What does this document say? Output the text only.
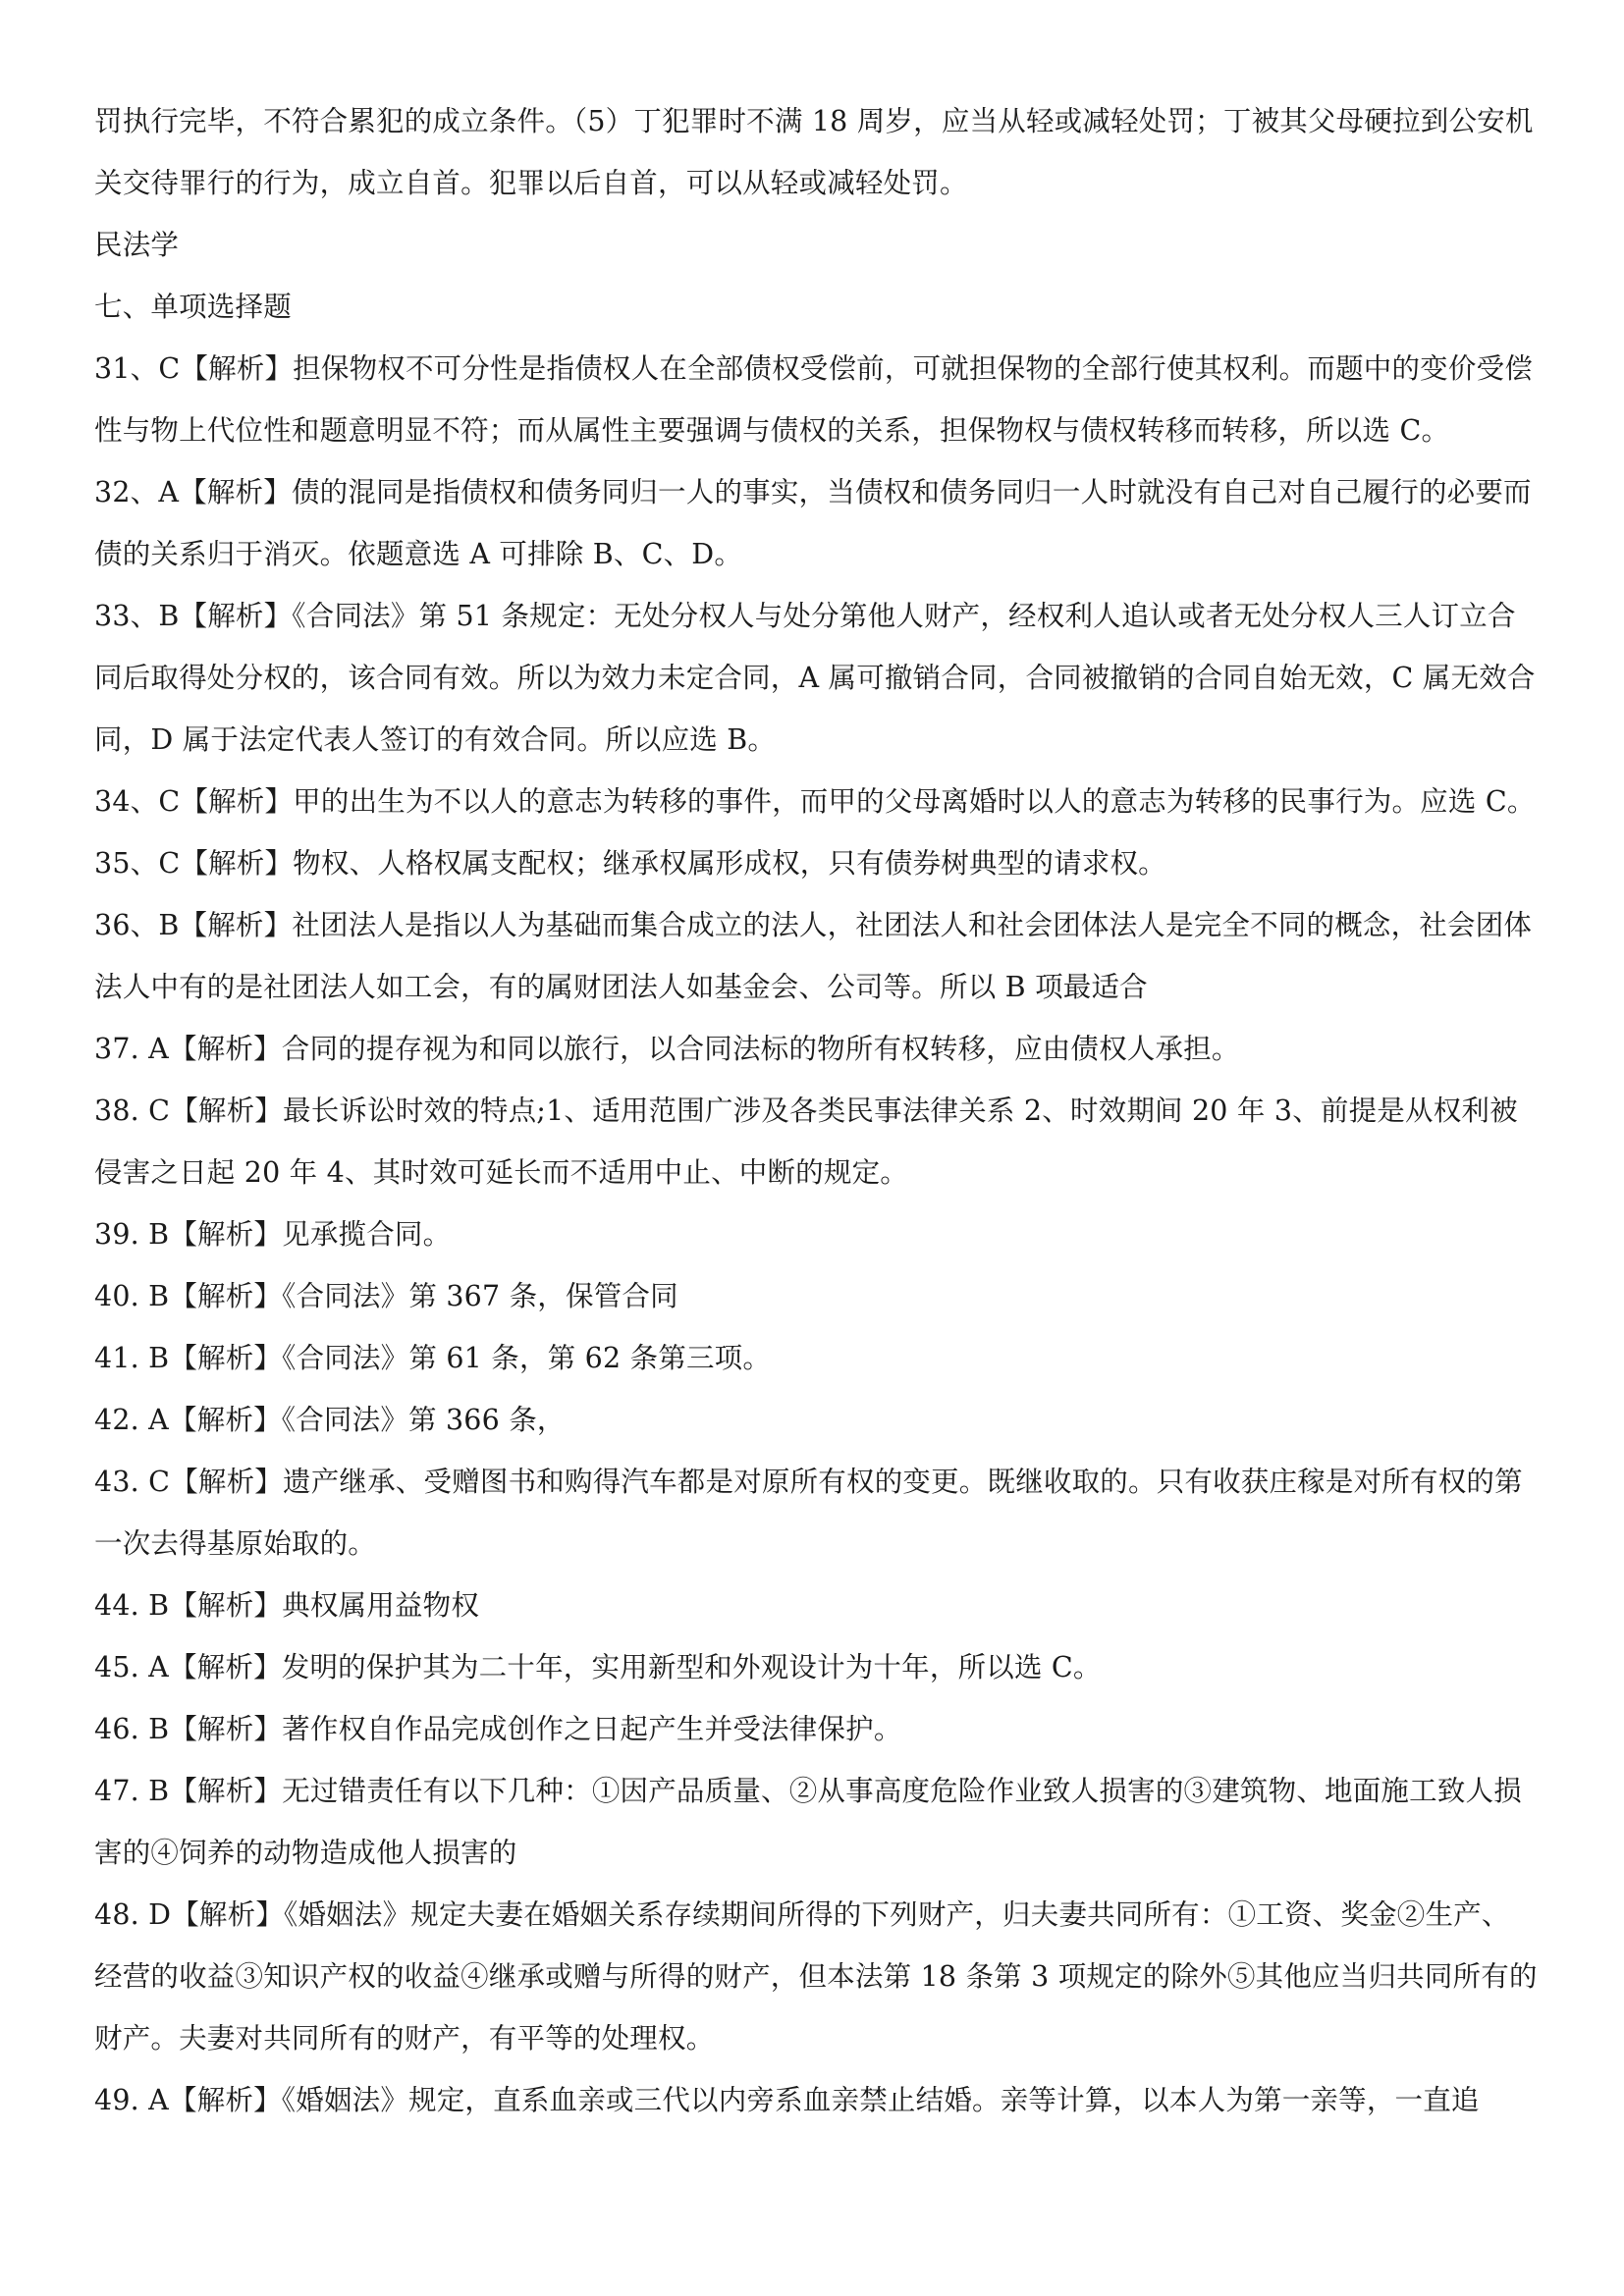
罚执行完毕，不符合累犯的成立条件。（5）丁犯罪时不满 18 周岁，应当从轻或减轻处罚；丁被其父母硬拉到公安机关交待罪行的行为，成立自首。犯罪以后自首，可以从轻或减轻处罚。

民法学

七、单项选择题

31、C【解析】担保物权不可分性是指债权人在全部债权受偿前，可就担保物的全部行使其权利。而题中的变价受偿性与物上代位性和题意明显不符；而从属性主要强调与债权的关系，担保物权与债权转移而转移，所以选 C。

32、A【解析】债的混同是指债权和债务同归一人的事实，当债权和债务同归一人时就没有自己对自己履行的必要而债的关系归于消灭。依题意选 A 可排除 B、C、D。

33、B【解析】《合同法》第 51 条规定：无处分权人与处分第他人财产，经权利人追认或者无处分权人三人订立合同后取得处分权的，该合同有效。所以为效力未定合同，A 属可撤销合同，合同被撤销的合同自始无效，C 属无效合同，D 属于法定代表人签订的有效合同。所以应选 B。

34、C【解析】甲的出生为不以人的意志为转移的事件，而甲的父母离婚时以人的意志为转移的民事行为。应选 C。

35、C【解析】物权、人格权属支配权；继承权属形成权，只有债券树典型的请求权。

36、B【解析】社团法人是指以人为基础而集合成立的法人，社团法人和社会团体法人是完全不同的概念，社会团体法人中有的是社团法人如工会，有的属财团法人如基金会、公司等。所以 B 项最适合

37. A【解析】合同的提存视为和同以旅行，以合同法标的物所有权转移，应由债权人承担。

38. C【解析】最长诉讼时效的特点;1、适用范围广涉及各类民事法律关系 2、时效期间 20 年 3、前提是从权利被侵害之日起 20 年 4、其时效可延长而不适用中止、中断的规定。

39. B【解析】见承揽合同。

40. B【解析】《合同法》第 367 条，保管合同

41. B【解析】《合同法》第 61 条，第 62 条第三项。

42. A【解析】《合同法》第 366 条，

43. C【解析】遗产继承、受赠图书和购得汽车都是对原所有权的变更。既继收取的。只有收获庄稼是对所有权的第一次去得基原始取的。

44. B【解析】典权属用益物权

45. A【解析】发明的保护其为二十年，实用新型和外观设计为十年，所以选 C。

46. B【解析】著作权自作品完成创作之日起产生并受法律保护。

47. B【解析】无过错责任有以下几种：①因产品质量、②从事高度危险作业致人损害的③建筑物、地面施工致人损害的④饲养的动物造成他人损害的

48. D【解析】《婚姻法》规定夫妻在婚姻关系存续期间所得的下列财产，归夫妻共同所有：①工资、奖金②生产、经营的收益③知识产权的收益④继承或赠与所得的财产，但本法第 18 条第 3 项规定的除外⑤其他应当归共同所有的财产。夫妻对共同所有的财产，有平等的处理权。

49. A【解析】《婚姻法》规定，直系血亲或三代以内旁系血亲禁止结婚。亲等计算，以本人为第一亲等，一直追
